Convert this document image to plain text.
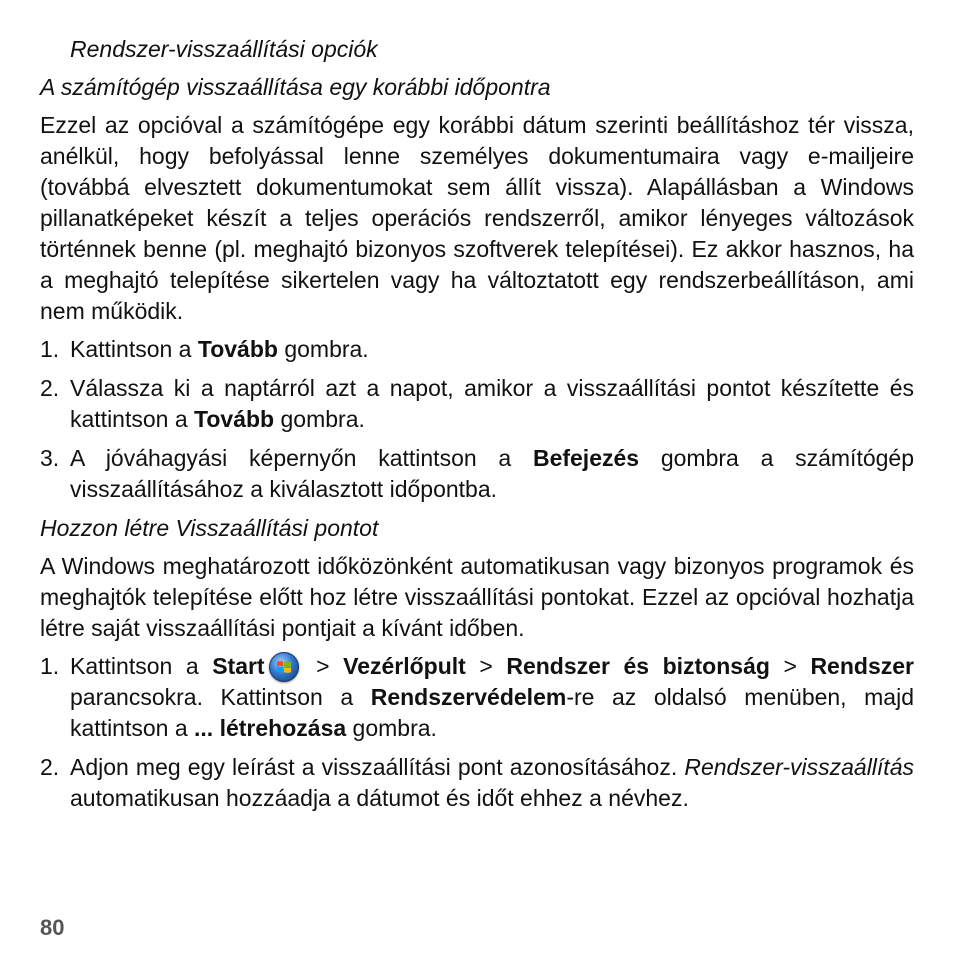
Rendszer-visszaállítási opciók
A számítógép visszaállítása egy korábbi időpontra
Ezzel az opcióval a számítógépe egy korábbi dátum szerinti beállításhoz tér vissza, anélkül, hogy befolyással lenne személyes dokumentumaira vagy e-mailjeire (továbbá elvesztett dokumentumokat sem állít vissza). Alapállásban a Windows pillanatképeket készít a teljes operációs rendszerről, amikor lényeges változások történnek benne (pl. meghajtó bizonyos szoftverek telepítései). Ez akkor hasznos, ha a meghajtó telepítése sikertelen vagy ha változtatott egy rendszerbeállításon, ami nem működik.
1. Kattintson a Tovább gombra.
2. Válassza ki a naptárról azt a napot, amikor a visszaállítási pontot készítette és kattintson a Tovább gombra.
3. A jóváhagyási képernyőn kattintson a Befejezés gombra a számítógép visszaállításához a kiválasztott időpontba.
Hozzon létre Visszaállítási pontot
A Windows meghatározott időközönként automatikusan vagy bizonyos programok és meghajtók telepítése előtt hoz létre visszaállítási pontokat. Ezzel az opcióval hozhatja létre saját visszaállítási pontjait a kívánt időben.
1. Kattintson a Start
> Vezérlőpult > Rendszer és biztonság > Rendszer parancsokra. Kattintson a Rendszervédelem-re az oldalsó menüben, majd kattintson a ... létrehozása gombra.
2. Adjon meg egy leírást a visszaállítási pont azonosításához. Rendszer-visszaállítás automatikusan hozzáadja a dátumot és időt ehhez a névhez.
80
